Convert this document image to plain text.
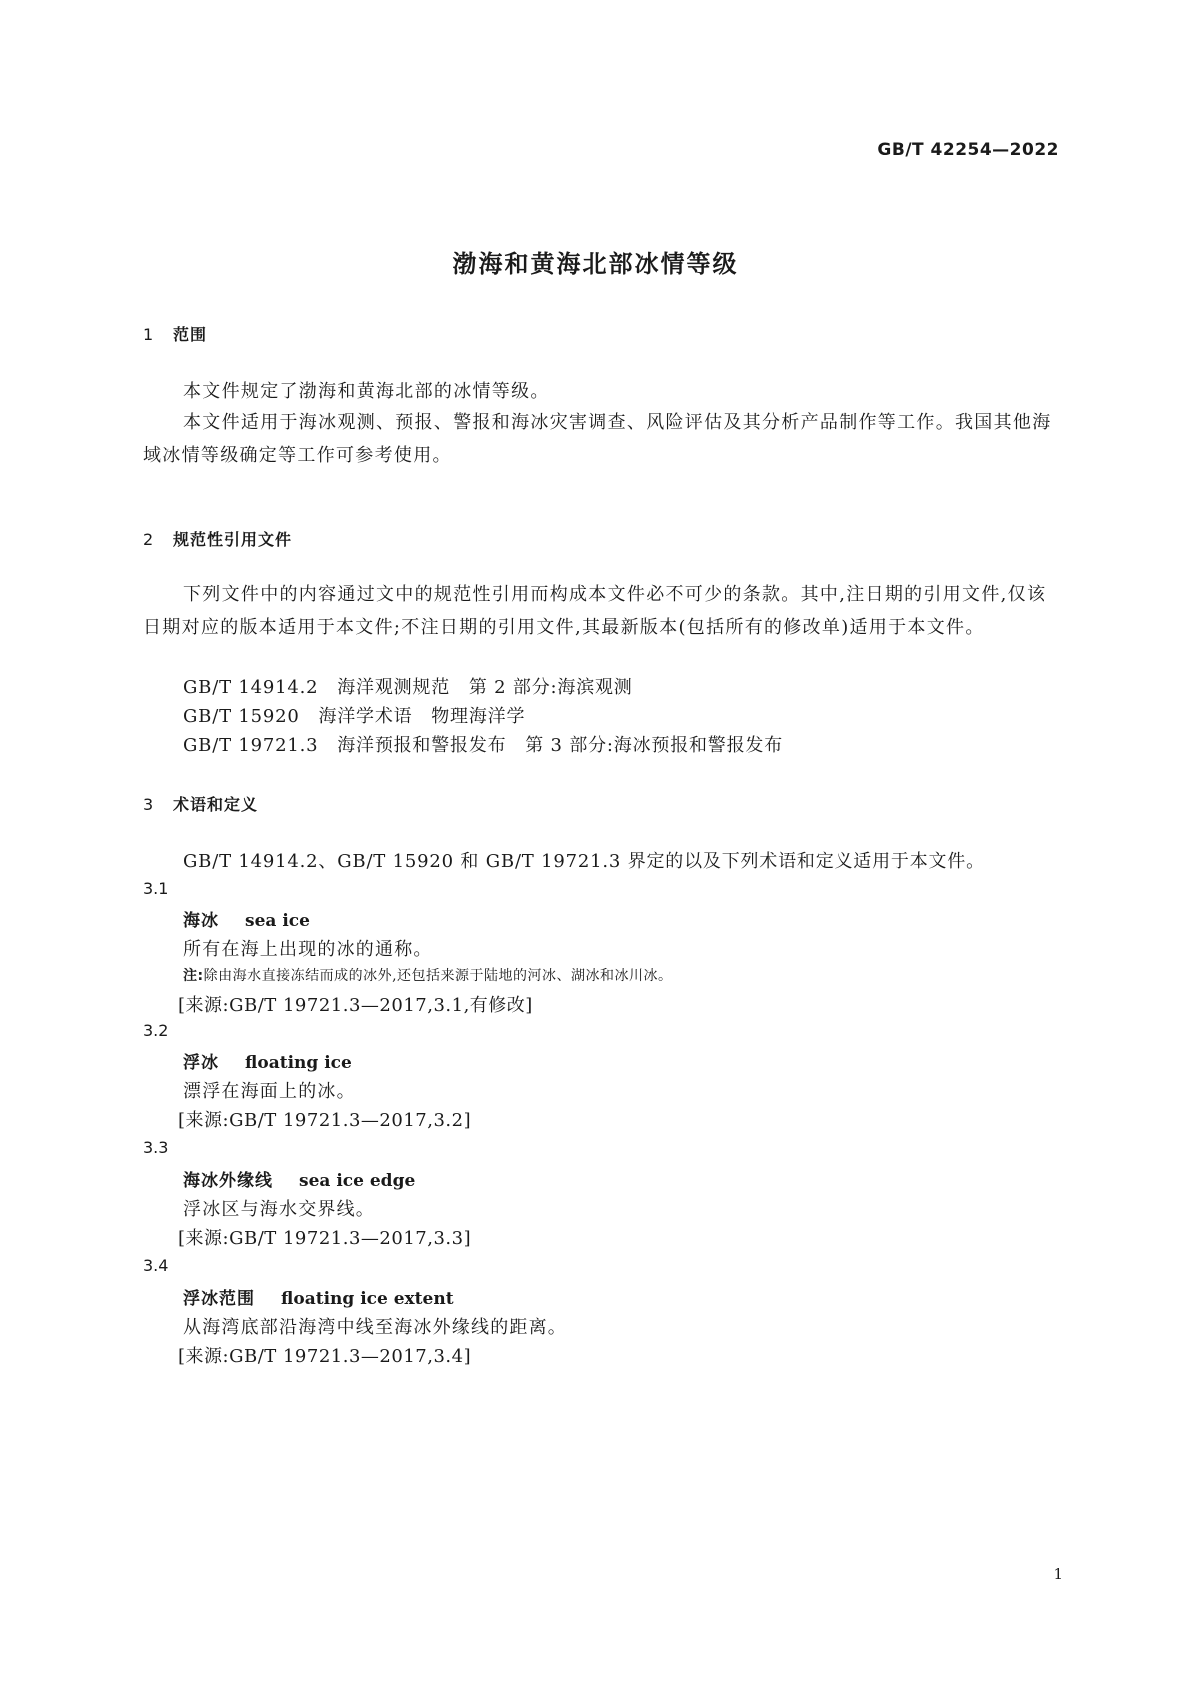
GB/T 42254—2022
渤海和黄海北部冰情等级
1 范围

本文件规定了渤海和黄海北部的冰情等级。

本文件适用于海冰观测、预报、警报和海冰灾害调查、风险评估及其分析产品制作等工作。我国其他海域冰情等级确定等工作可参考使用。

2 规范性引用文件

下列文件中的内容通过文中的规范性引用而构成本文件必不可少的条款。其中,注日期的引用文件,仅该日期对应的版本适用于本文件;不注日期的引用文件,其最新版本(包括所有的修改单)适用于本文件。

GB/T 14914.2　海洋观测规范　第 2 部分:海滨观测
GB/T 15920　海洋学术语　物理海洋学
GB/T 19721.3　海洋预报和警报发布　第 3 部分:海冰预报和警报发布
3 术语和定义
GB/T 14914.2、GB/T 15920 和 GB/T 19721.3 界定的以及下列术语和定义适用于本文件。
3.1
海冰 sea ice
所有在海上出现的冰的通称。
注:除由海水直接冻结而成的冰外,还包括来源于陆地的河冰、湖冰和冰川冰。
[来源:GB/T 19721.3—2017,3.1,有修改]
3.2
浮冰 floating ice
漂浮在海面上的冰。
[来源:GB/T 19721.3—2017,3.2]
3.3
海冰外缘线 sea ice edge
浮冰区与海水交界线。
[来源:GB/T 19721.3—2017,3.3]
3.4
浮冰范围 floating ice extent
从海湾底部沿海湾中线至海冰外缘线的距离。
[来源:GB/T 19721.3—2017,3.4]
1
